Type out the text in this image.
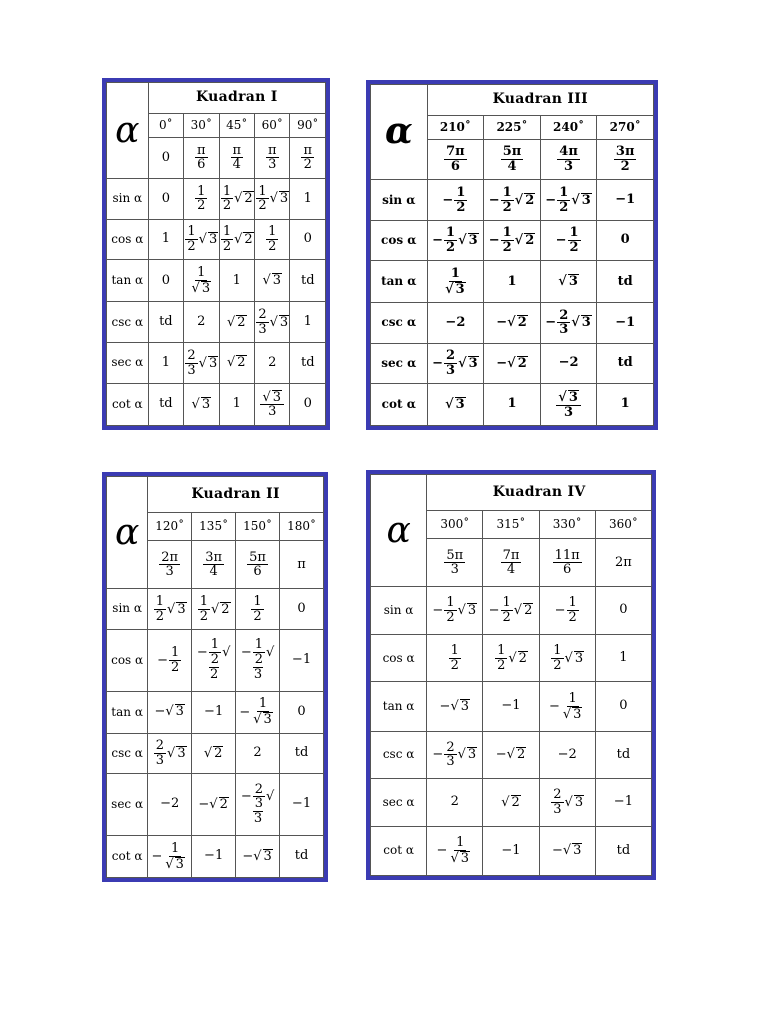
α	Kuadran I				
	0˚	30˚	45˚	60˚	90˚
	0	$\frac{\pi}{6}$	$\frac{\pi}{4}$	$\frac{\pi}{3}$	$\frac{\pi}{2}$

sin α	0	$\frac{1}{2}$	$\frac{1}{2}$ √ 2	$\frac{1}{2}$ √ 3	1
cos α	1	$\frac{1}{2}$ √ 3	$\frac{1}{2}$ √ 2	$\frac{1}{2}$	0
tan α	0	$\frac{1}{√ 3}$	1	√ 3	td
csc α	td	2	√ 2	$\frac{2}{3}$ √ 3	1
sec α	1	$\frac{2}{3}$ √ 3	√ 2	2	td
cot α	td	√ 3	1	$\frac{√ 3}{3}$	0
α	Kuadran III			
	210˚	225˚	240˚	270˚

	$\frac{7\pi}{6}$	$\frac{5\pi}{4}$	$\frac{4\pi}{3}$	$\frac{3\pi}{2}$

sin α	− $\frac{1}{2}$	− $\frac{1}{2}$ √ 2	− $\frac{1}{2}$ √ 3	−1
cos α	− $\frac{1}{2}$ √ 3	− $\frac{1}{2}$ √ 2	− $\frac{1}{2}$	0
tan α	$\frac{1}{√ 3}$	1	√ 3	td
csc α	−2	−√ 2	− $\frac{2}{3}$ √ 3	−1
sec α	− $\frac{2}{3}$ √ 3	−√ 2	−2	td
cot α	√ 3	1	$\frac{√ 3}{3}$	1
α	Kuadran II			
	120˚	135˚	150˚	180˚

	$\frac{2\pi}{3}$	$\frac{3\pi}{4}$	$\frac{5\pi}{6}$	π
sin α	$\frac{1}{2}$ √ 3	$\frac{1}{2}$ √ 2	$\frac{1}{2}$	0
cos α	− $\frac{1}{2}$	− $\frac{1}{2} √2$	− $\frac{1}{2} √3$	−1
tan α	−√ 3	−1	− $\frac{1}{√ 3}$	0
csc α	$\frac{2}{3}$ √ 3	√ 2	2	td
sec α	−2	−√ 2	− $\frac{2}{3} √3$	−1
cot α	− $\frac{1}{√ 3}$	−1	−√ 3	td
α	Kuadran IV			
	300˚	315˚	330˚	360˚

	$\frac{5\pi}{3}$	$\frac{7\pi}{4}$	$\frac{11\pi}{6}$	2π
sin α	− $\frac{1}{2}$ √ 3	− $\frac{1}{2}$ √ 2	− $\frac{1}{2}$	0
cos α	$\frac{1}{2}$	$\frac{1}{2}$ √ 2	$\frac{1}{2}$ √ 3	1
tan α	−√ 3	−1	− $\frac{1}{√ 3}$	0
csc α	− $\frac{2}{3}$ √ 3	−√ 2	−2	td
sec α	2	√ 2	$\frac{2}{3}$ √ 3	−1
cot α	− $\frac{1}{√ 3}$	−1	−√ 3	td
